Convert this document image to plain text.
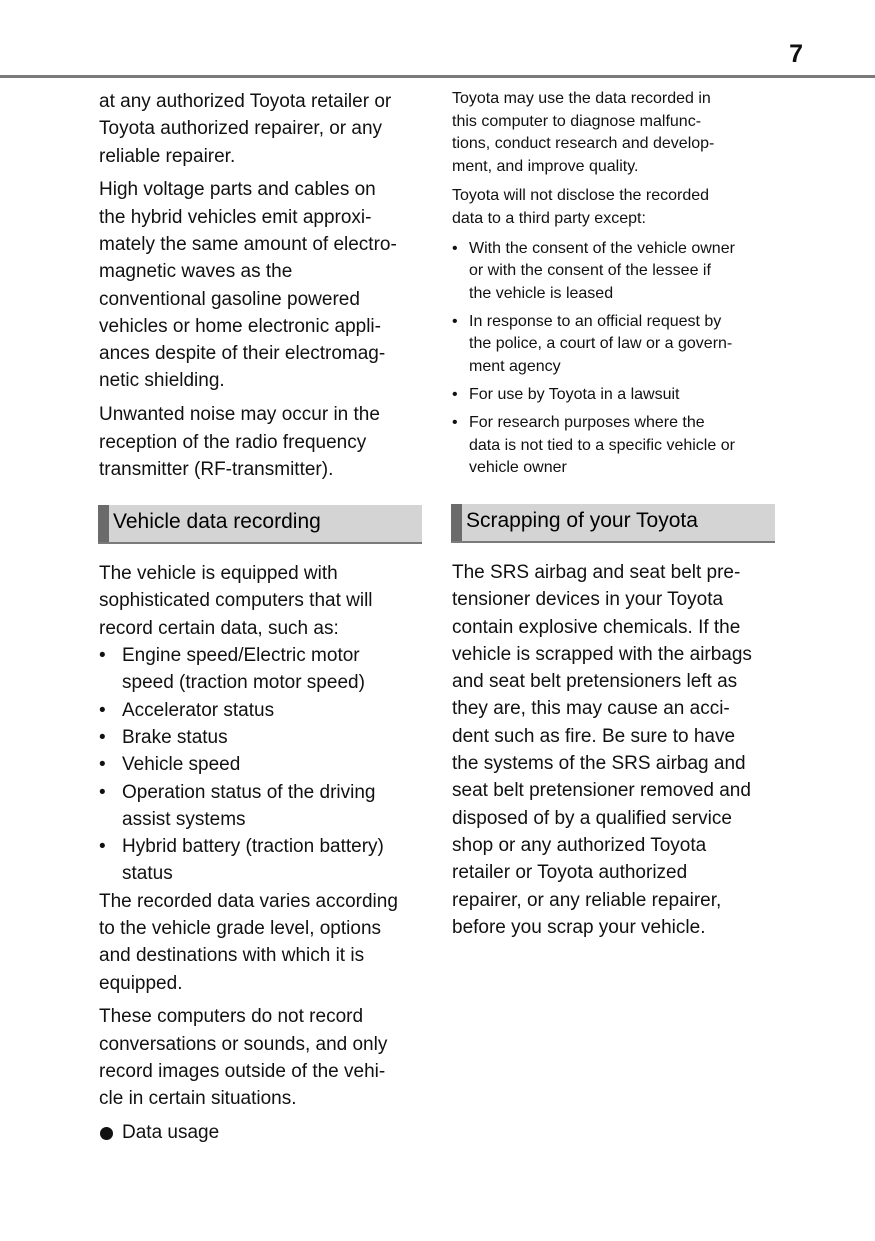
7
at any authorized Toyota retailer or
Toyota authorized repairer, or any
reliable repairer.
High voltage parts and cables on
the hybrid vehicles emit approxi-
mately the same amount of electro-
magnetic waves as the
conventional gasoline powered
vehicles or home electronic appli-
ances despite of their electromag-
netic shielding.
Unwanted noise may occur in the
reception of the radio frequency
transmitter (RF-transmitter).
Vehicle data recording
The vehicle is equipped with
sophisticated computers that will
record certain data, such as:
• Engine speed/Electric motor
speed (traction motor speed)
• Accelerator status
• Brake status
• Vehicle speed
• Operation status of the driving
assist systems
• Hybrid battery (traction battery)
status
The recorded data varies according
to the vehicle grade level, options
and destinations with which it is
equipped.
These computers do not record
conversations or sounds, and only
record images outside of the vehi-
cle in certain situations.
Data usage
Toyota may use the data recorded in
this computer to diagnose malfunc-
tions, conduct research and develop-
ment, and improve quality.
Toyota will not disclose the recorded
data to a third party except:
• With the consent of the vehicle owner
or with the consent of the lessee if
the vehicle is leased
• In response to an official request by
the police, a court of law or a govern-
ment agency
• For use by Toyota in a lawsuit
• For research purposes where the
data is not tied to a specific vehicle or
vehicle owner
Scrapping of your Toyota
The SRS airbag and seat belt pre-
tensioner devices in your Toyota
contain explosive chemicals. If the
vehicle is scrapped with the airbags
and seat belt pretensioners left as
they are, this may cause an acci-
dent such as fire. Be sure to have
the systems of the SRS airbag and
seat belt pretensioner removed and
disposed of by a qualified service
shop or any authorized Toyota
retailer or Toyota authorized
repairer, or any reliable repairer,
before you scrap your vehicle.
